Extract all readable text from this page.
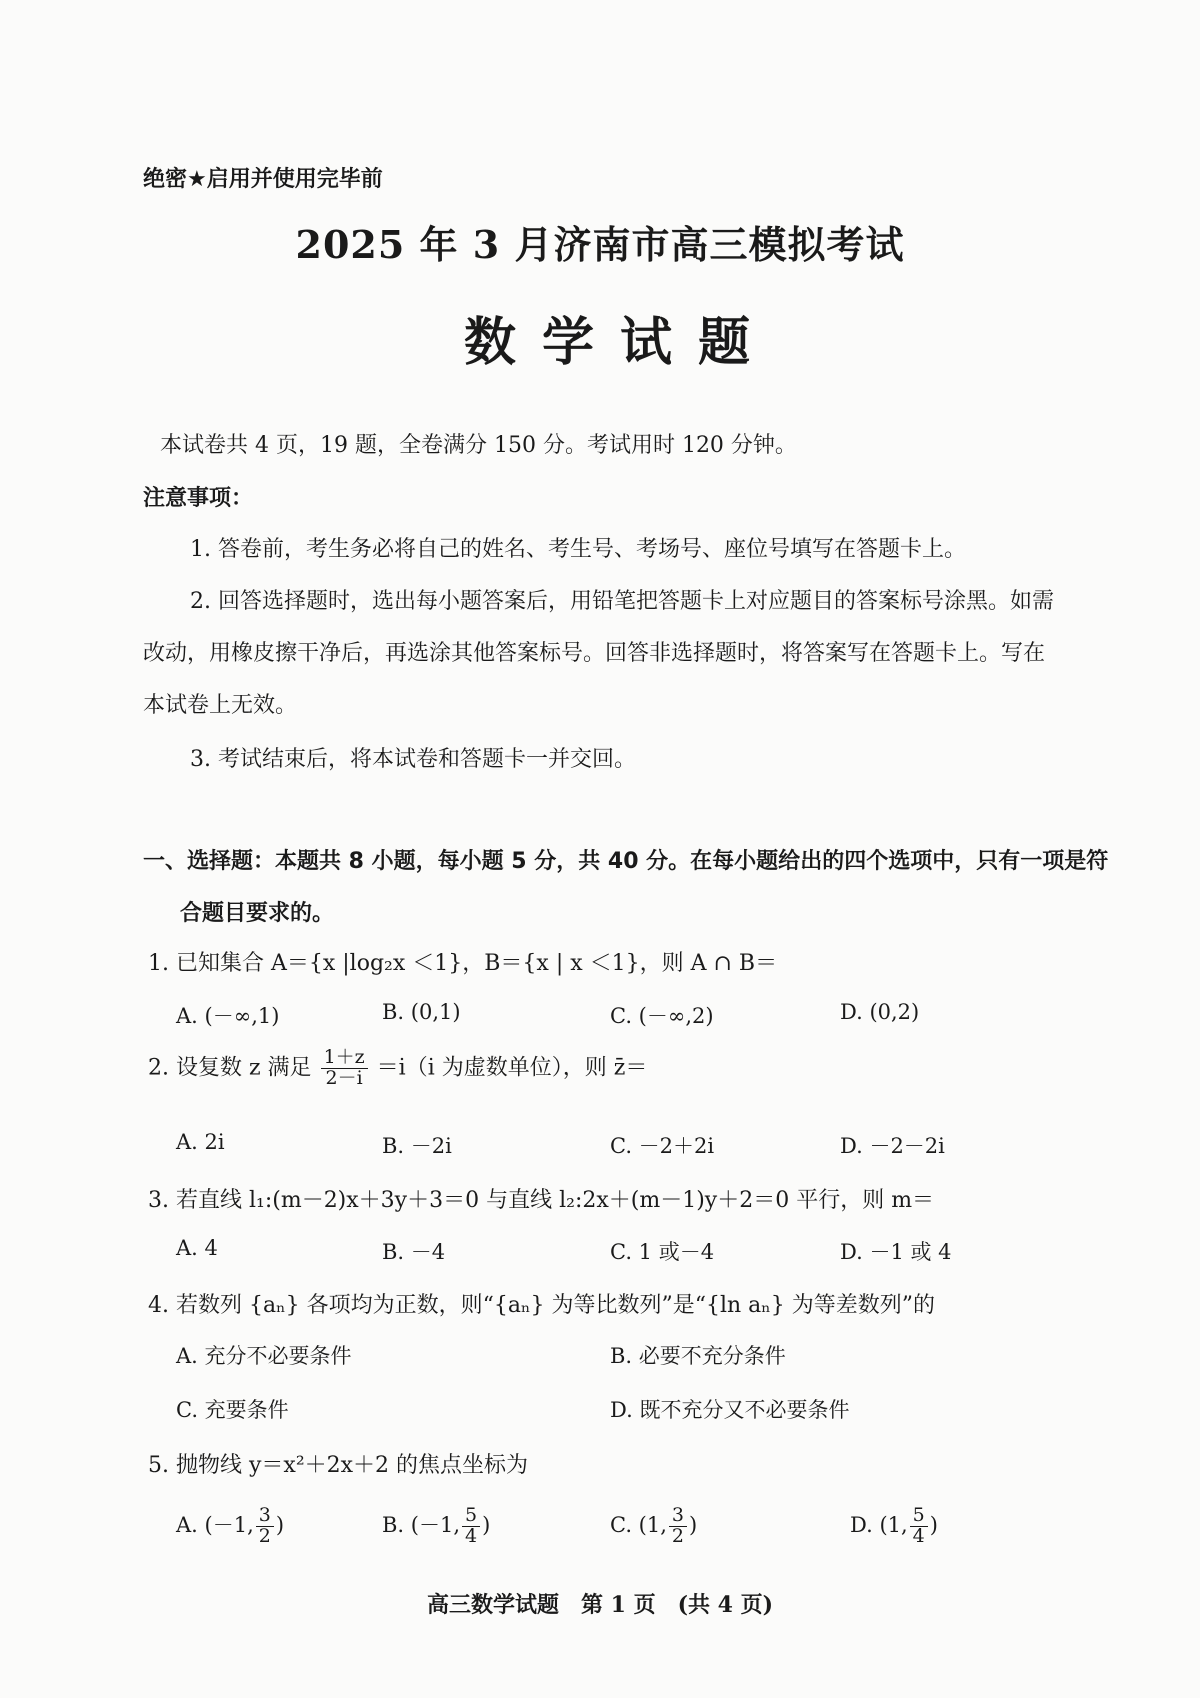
绝密★启用并使用完毕前
2025 年 3 月济南市高三模拟考试
数学试题
本试卷共 4 页，19 题，全卷满分 150 分。考试用时 120 分钟。
注意事项：
1. 答卷前，考生务必将自己的姓名、考生号、考场号、座位号填写在答题卡上。
2. 回答选择题时，选出每小题答案后，用铅笔把答题卡上对应题目的答案标号涂黑。如需
改动，用橡皮擦干净后，再选涂其他答案标号。回答非选择题时，将答案写在答题卡上。写在
本试卷上无效。
3. 考试结束后，将本试卷和答题卡一并交回。
一、选择题：本题共 8 小题，每小题 5 分，共 40 分。在每小题给出的四个选项中，只有一项是符
合题目要求的。
1. 已知集合 A＝{x |log₂x ＜1}，B＝{x | x ＜1}，则 A ∩ B＝
A. (－∞,1)	B. (0,1)	C. (－∞,2)	D. (0,2)
2. 设复数 z 满足 $\frac{1+z}{2-i} =i(i$ 为虚数单位），则 z̄＝
A. 2i	B. －2i	C. －2＋2i	D. －2－2i
3. 若直线 l₁:(m－2)x＋3y＋3＝0 与直线 l₂:2x＋(m－1)y＋2＝0 平行，则 m＝
A. 4	B. －4	C. 1 或－4	D. －1 或 4
4. 若数列 {aₙ} 各项均为正数，则“{aₙ} 为等比数列”是“{ln aₙ} 为等差数列”的
A. 充分不必要条件	B. 必要不充分条件
C. 充要条件	D. 既不充分又不必要条件
5. 抛物线 y＝x²＋2x＋2 的焦点坐标为
A. (－1, $\frac{3}{2}$ )	B. (－1, $\frac{5}{4}$ )	C. (1, $\frac{3}{2}$ )	D. (1, $\frac{5}{4}$ )
高三数学试题　第 1 页　(共 4 页)
